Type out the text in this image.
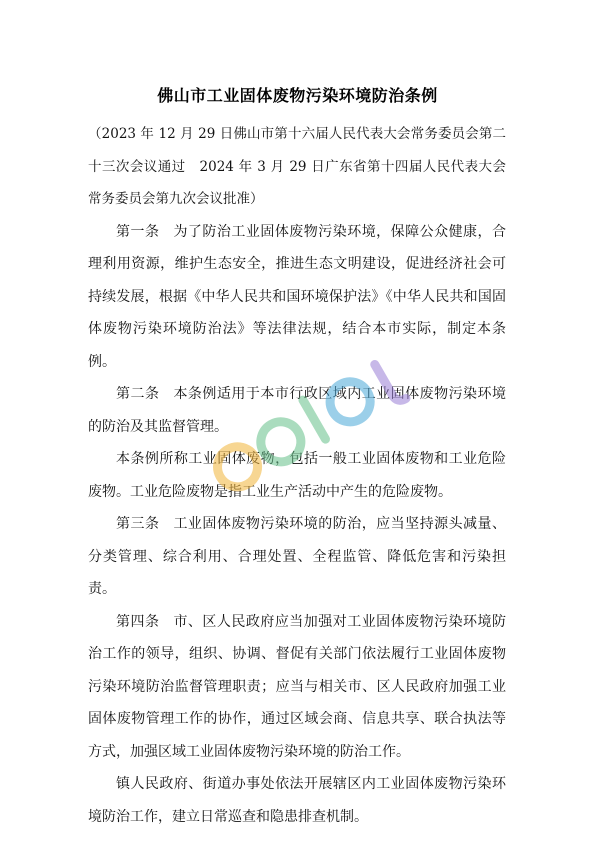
佛山市工业固体废物污染环境防治条例

（2023 年 12 月 29 日佛山市第十六届人民代表大会常务委员会第二十三次会议通过　2024 年 3 月 29 日广东省第十四届人民代表大会常务委员会第九次会议批准）

第一条 为了防治工业固体废物污染环境，保障公众健康，合理利用资源，维护生态安全，推进生态文明建设，促进经济社会可持续发展，根据《中华人民共和国环境保护法》《中华人民共和国固体废物污染环境防治法》等法律法规，结合本市实际，制定本条例。

第二条 本条例适用于本市行政区域内工业固体废物污染环境的防治及其监督管理。

本条例所称工业固体废物，包括一般工业固体废物和工业危险废物。工业危险废物是指工业生产活动中产生的危险废物。

第三条 工业固体废物污染环境的防治，应当坚持源头减量、分类管理、综合利用、合理处置、全程监管、降低危害和污染担责。

第四条 市、区人民政府应当加强对工业固体废物污染环境防治工作的领导，组织、协调、督促有关部门依法履行工业固体废物污染环境防治监督管理职责；应当与相关市、区人民政府加强工业固体废物管理工作的协作，通过区域会商、信息共享、联合执法等方式，加强区域工业固体废物污染环境的防治工作。

镇人民政府、街道办事处依法开展辖区内工业固体废物污染环境防治工作，建立日常巡查和隐患排查机制。
